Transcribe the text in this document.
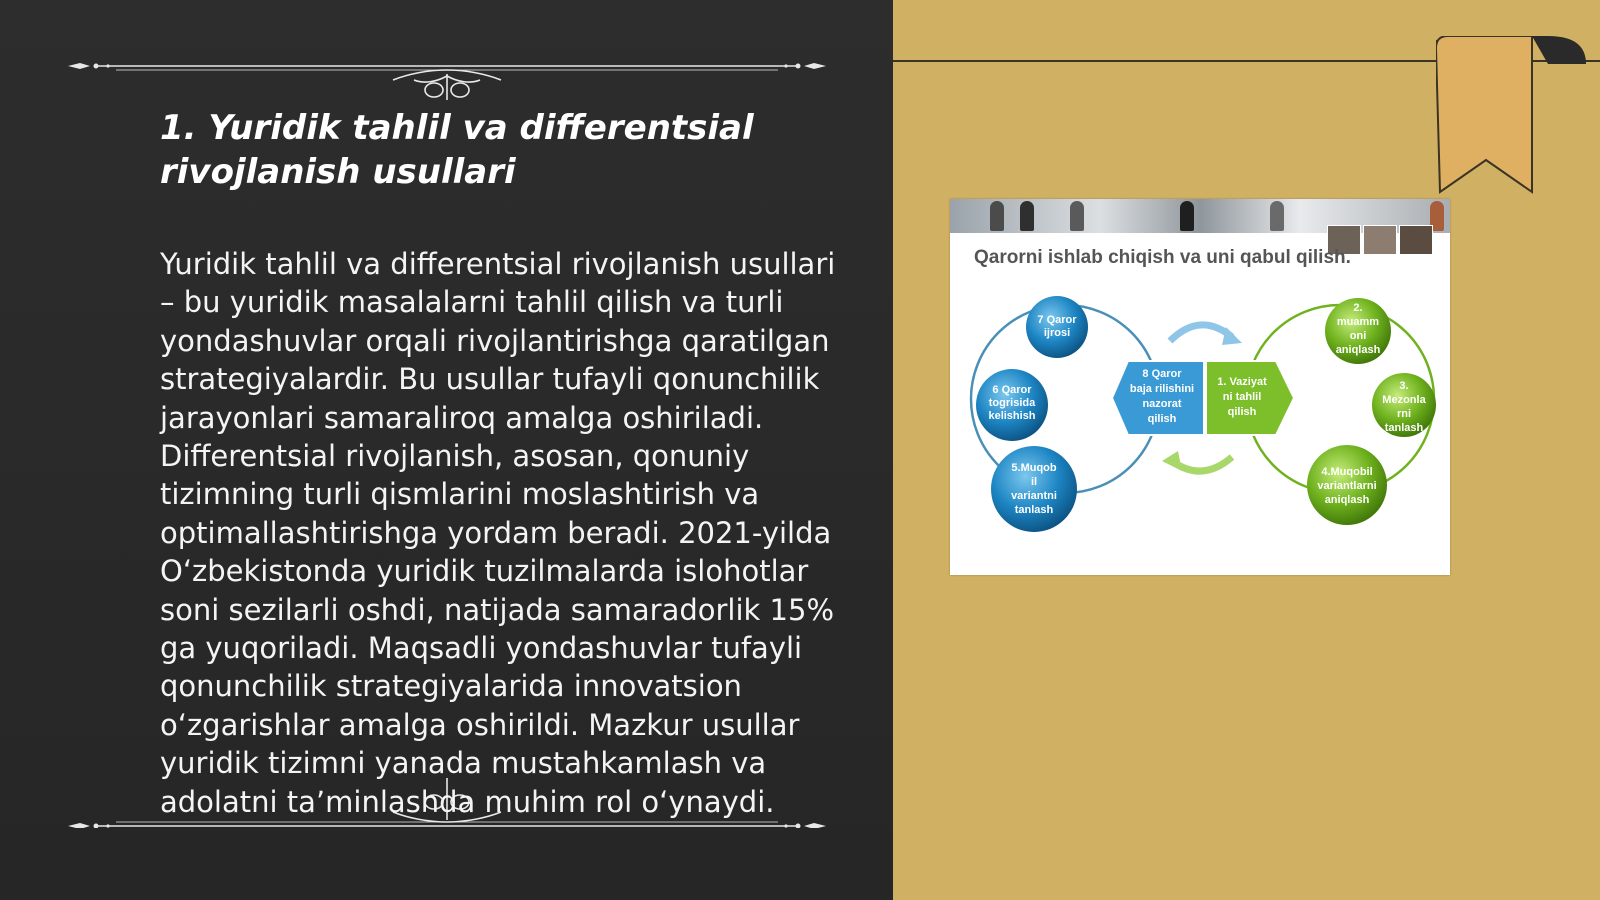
1. Yuridik tahlil va differentsial rivojlanish usullari

Yuridik tahlil va differentsial rivojlanish usullari – bu yuridik masalalarni tahlil qilish va turli yondashuvlar orqali rivojlantirishga qaratilgan strategiyalardir. Bu usullar tufayli qonunchilik jarayonlari samaraliroq amalga oshiriladi. Differentsial rivojlanish, asosan, qonuniy tizimning turli qismlarini moslashtirish va optimallashtirishga yordam beradi. 2021-yilda O‘zbekistonda yuridik tuzilmalarda islohotlar soni sezilarli oshdi, natijada samaradorlik 15% ga yuqoriladi. Maqsadli yondashuvlar tufayli qonunchilik strategiyalarida innovatsion o‘zgarishlar amalga oshirildi. Mazkur usullar yuridik tizimni yanada mustahkamlash va adolatni ta’minlashda muhim rol o‘ynaydi.

Qarorni ishlab chiqish va uni qabul qilish.

7 Qaror
ijrosi
6 Qaror
togrisida
kelishish
5.Muqob
il
variantni
tanlash
8 Qaror
baja rilishini
nazorat
qilish
1. Vaziyat
ni tahlil
qilish
2.
muamm
oni
aniqlash
3.
Mezonla
rni
tanlash
4.Muqobil
variantlarni
aniqlash
